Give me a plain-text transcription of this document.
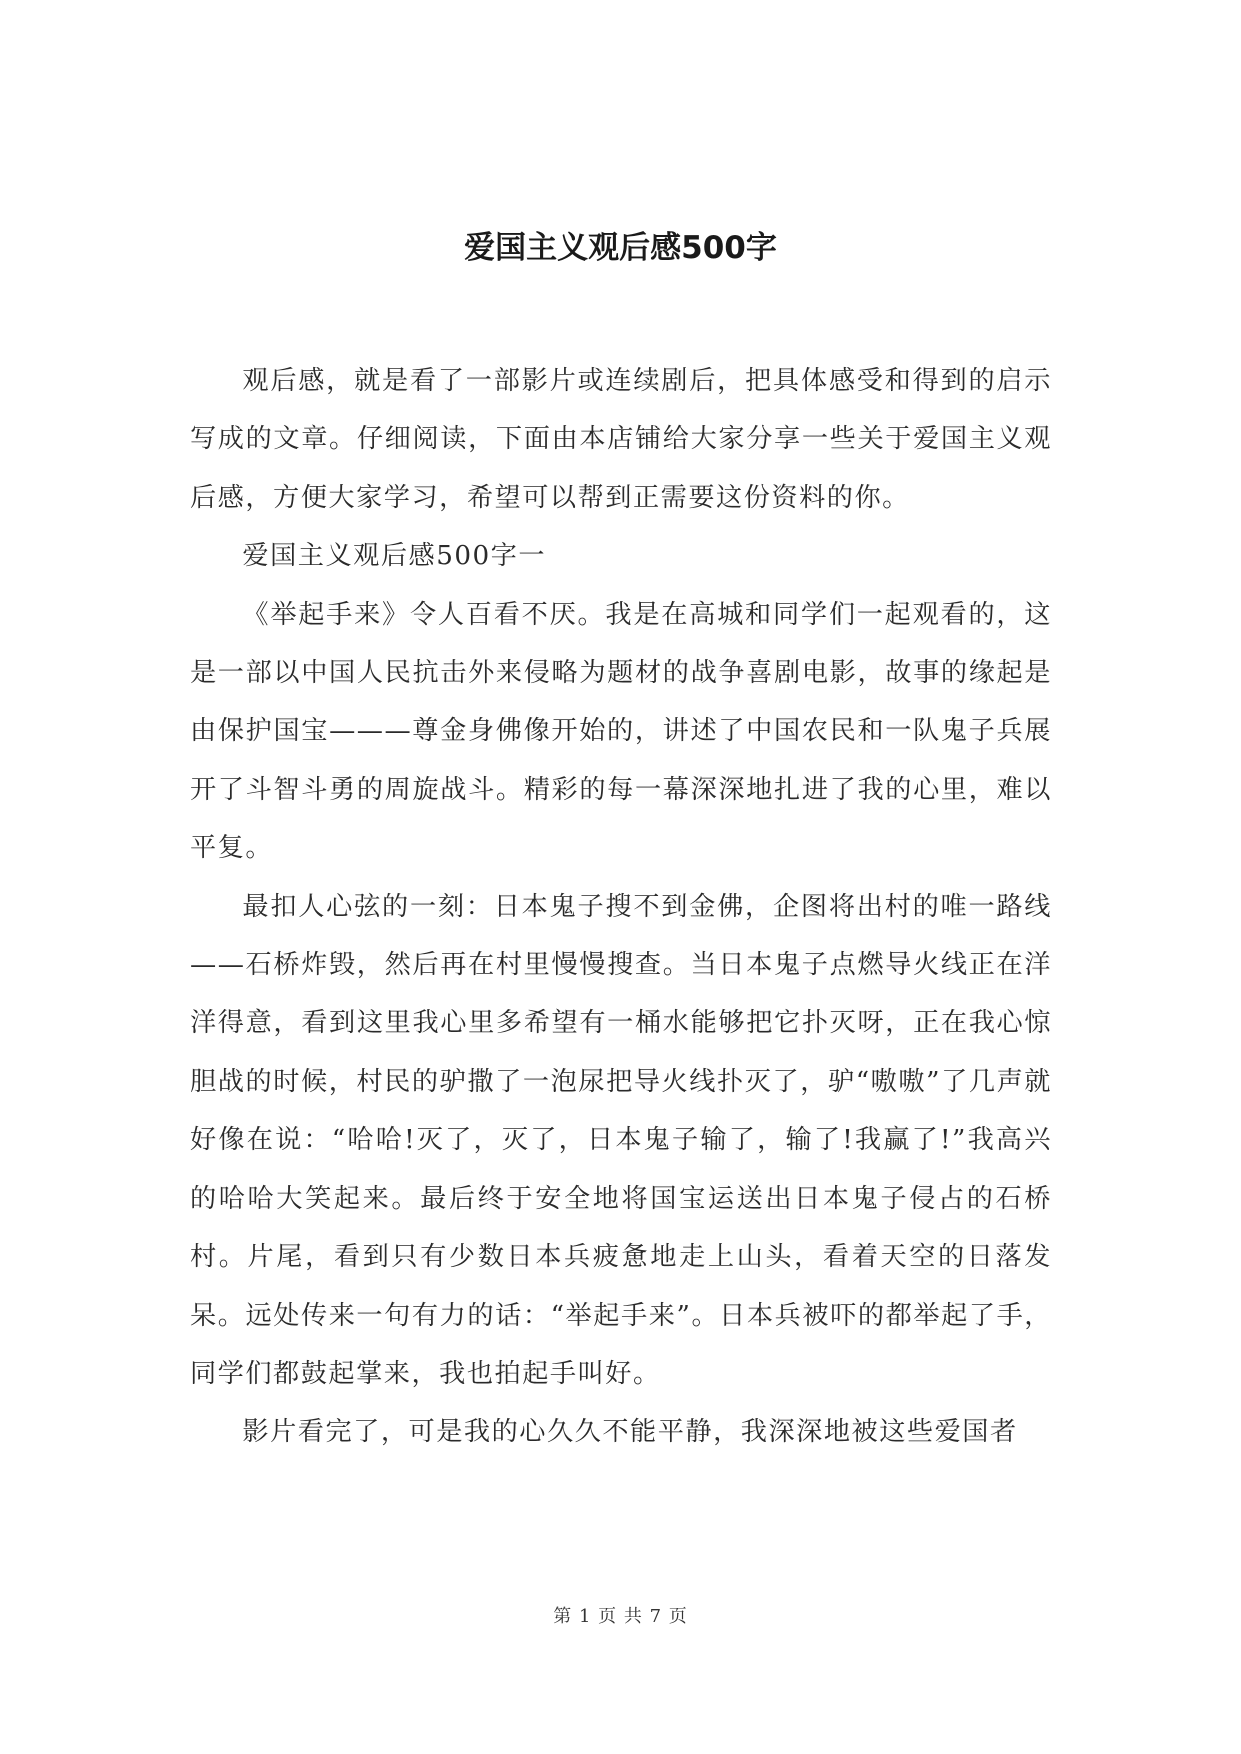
爱国主义观后感500字

观后感，就是看了一部影片或连续剧后，把具体感受和得到的启示写成的文章。仔细阅读，下面由本店铺给大家分享一些关于爱国主义观后感，方便大家学习，希望可以帮到正需要这份资料的你。

爱国主义观后感500字一

《举起手来》令人百看不厌。我是在高城和同学们一起观看的，这是一部以中国人民抗击外来侵略为题材的战争喜剧电影，故事的缘起是由保护国宝———尊金身佛像开始的，讲述了中国农民和一队鬼子兵展开了斗智斗勇的周旋战斗。精彩的每一幕深深地扎进了我的心里，难以平复。

最扣人心弦的一刻：日本鬼子搜不到金佛，企图将出村的唯一路线——石桥炸毁，然后再在村里慢慢搜查。当日本鬼子点燃导火线正在洋洋得意，看到这里我心里多希望有一桶水能够把它扑灭呀，正在我心惊胆战的时候，村民的驴撒了一泡尿把导火线扑灭了，驴“嗷嗷”了几声就好像在说：“哈哈!灭了，灭了，日本鬼子输了，输了!我赢了!”我高兴的哈哈大笑起来。最后终于安全地将国宝运送出日本鬼子侵占的石桥村。片尾，看到只有少数日本兵疲惫地走上山头，看着天空的日落发呆。远处传来一句有力的话：“举起手来”。日本兵被吓的都举起了手，同学们都鼓起掌来，我也拍起手叫好。

影片看完了，可是我的心久久不能平静，我深深地被这些爱国者

第 1 页 共 7 页
